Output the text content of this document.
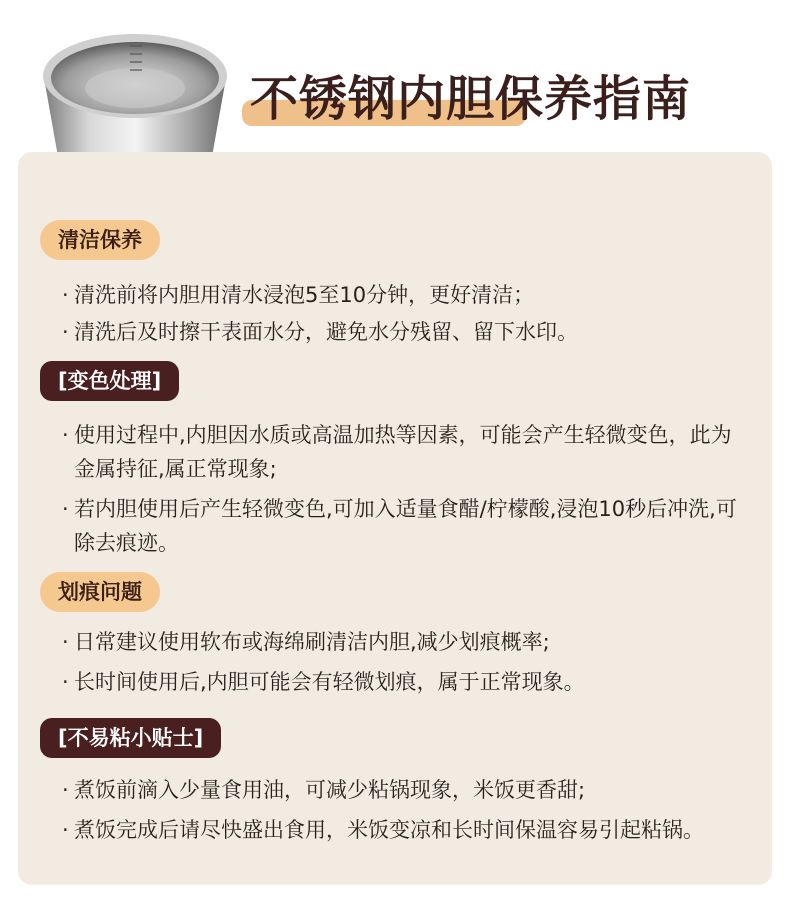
不锈钢内胆保养指南
清洁保养
· 清洗前将内胆用清水浸泡5至10分钟，更好清洁；
· 清洗后及时擦干表面水分，避免水分残留、留下水印。
[变色处理]
· 使用过程中,内胆因水质或高温加热等因素，可能会产生轻微变色，此为金属持征,属正常现象;
· 若内胆使用后产生轻微变色,可加入适量食醋/柠檬酸,浸泡10秒后冲洗,可除去痕迹。
划痕问题
· 日常建议使用软布或海绵刷清洁内胆,减少划痕概率;
· 长时间使用后,内胆可能会有轻微划痕，属于正常现象。
[不易粘小贴士]
· 煮饭前滴入少量食用油，可减少粘锅现象，米饭更香甜;
· 煮饭完成后请尽快盛出食用，米饭变凉和长时间保温容易引起粘锅。
